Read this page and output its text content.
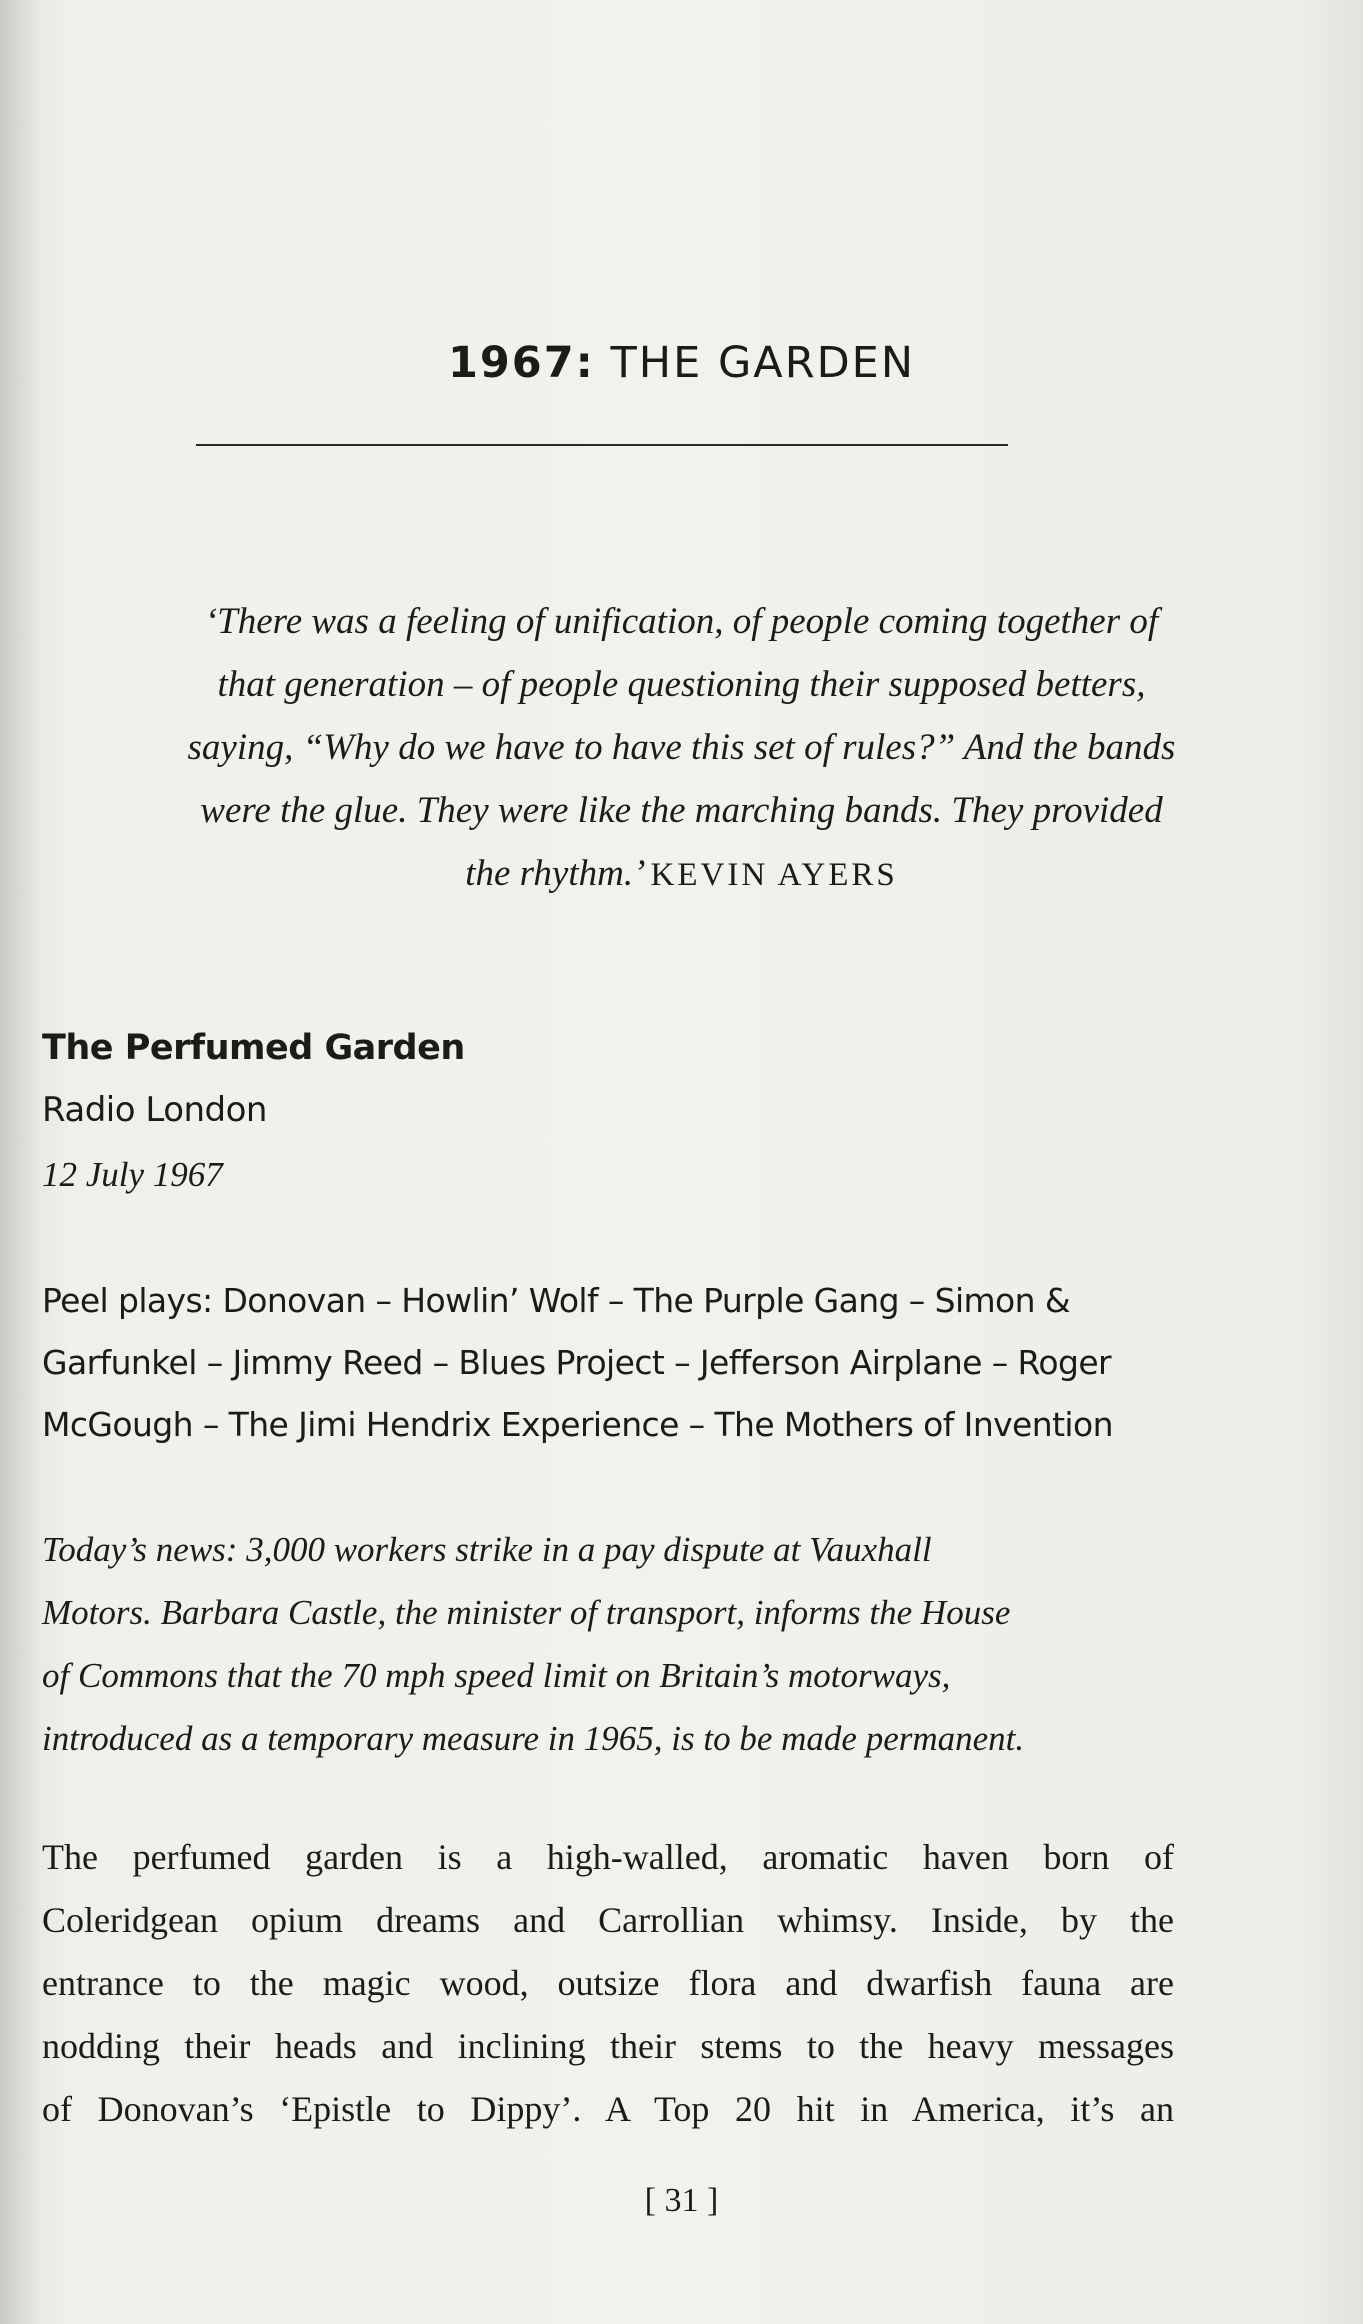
1967: THE GARDEN
‘There was a feeling of unification, of people coming together of
that generation – of people questioning their supposed betters,
saying, “Why do we have to have this set of rules?” And the bands
were the glue. They were like the marching bands. They provided
the rhythm.’ KEVIN AYERS
The Perfumed Garden
Radio London
12 July 1967
Peel plays: Donovan – Howlin’ Wolf – The Purple Gang – Simon &
Garfunkel – Jimmy Reed – Blues Project – Jefferson Airplane – Roger
McGough – The Jimi Hendrix Experience – The Mothers of Invention
Today’s news: 3,000 workers strike in a pay dispute at Vauxhall
Motors. Barbara Castle, the minister of transport, informs the House
of Commons that the 70 mph speed limit on Britain’s motorways,
introduced as a temporary measure in 1965, is to be made permanent.
The perfumed garden is a high-walled, aromatic haven born of
Coleridgean opium dreams and Carrollian whimsy. Inside, by the
entrance to the magic wood, outsize flora and dwarfish fauna are
nodding their heads and inclining their stems to the heavy messages
of Donovan’s ‘Epistle to Dippy’. A Top 20 hit in America, it’s an
[ 31 ]
